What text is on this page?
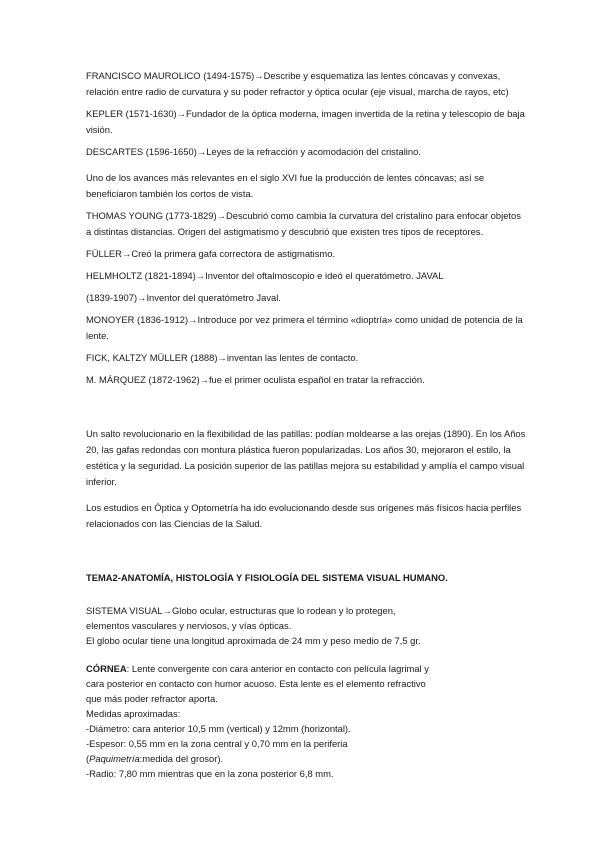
FRANCISCO MAUROLICO (1494-1575)→Describe y esquematiza las lentes cóncavas y convexas, relación entre radio de curvatura y su poder refractor y óptica ocular (eje visual, marcha de rayos, etc)

KEPLER (1571-1630)→Fundador de la óptica moderna, imagen invertida de la retina y telescopio de baja visión.

DESCARTES (1596-1650)→Leyes de la refracción y acomodación del cristalino.

Uno de los avances más relevantes en el siglo XVI fue la producción de lentes cóncavas; así se beneficiaron también los cortos de vista.

THOMAS YOUNG (1773-1829)→Descubrió como cambia la curvatura del cristalino para enfocar objetos a distintas distancias. Origen del astigmatismo y descubrió que existen tres tipos de receptores.

FÜLLER→Creó la primera gafa correctora de astigmatismo.

HELMHOLTZ (1821-1894)→Inventor del oftalmoscopio e ideó el queratómetro. JAVAL

(1839-1907)→Inventor del queratómetro Javal.

MONOYER (1836-1912)→Introduce por vez primera el término «dioptría» como unidad de potencia de la lente.

FICK, KALTZY MÜLLER (1888)→inventan las lentes de contacto.

M. MÁRQUEZ (1872-1962)→fue el primer oculista español en tratar la refracción.

Un salto revolucionario en la flexibilidad de las patillas: podían moldearse a las orejas (1890). En los Años 20, las gafas redondas con montura plástica fueron popularizadas. Los años 30, mejoraron el estilo, la estética y la seguridad. La posición superior de las patillas mejora su estabilidad y amplía el campo visual inferior.

Los estudios en Óptica y Optometría ha ido evolucionando desde sus orígenes más físicos hacia perfiles relacionados con las Ciencias de la Salud.

TEMA2-ANATOMÍA, HISTOLOGÍA Y FISIOLOGÍA DEL SISTEMA VISUAL HUMANO.

SISTEMA VISUAL→Globo ocular, estructuras que lo rodean y lo protegen,
elementos vasculares y nerviosos, y vías ópticas.
El globo ocular tiene una longitud aproximada de 24 mm y peso medio de 7,5 gr.
CÓRNEA: Lente convergente con cara anterior en contacto con película lagrimal y
cara posterior en contacto con humor acuoso. Esta lente es el elemento refractivo
que más poder refractor aporta.
Medidas aproximadas:
-Diámetro: cara anterior 10,5 mm (vertical) y 12mm (horizontal).
-Espesor: 0,55 mm en la zona central y 0,70 mm en la periferia
(Paquimetría:medida del grosor).
-Radio: 7,80 mm mientras que en la zona posterior 6,8 mm.
